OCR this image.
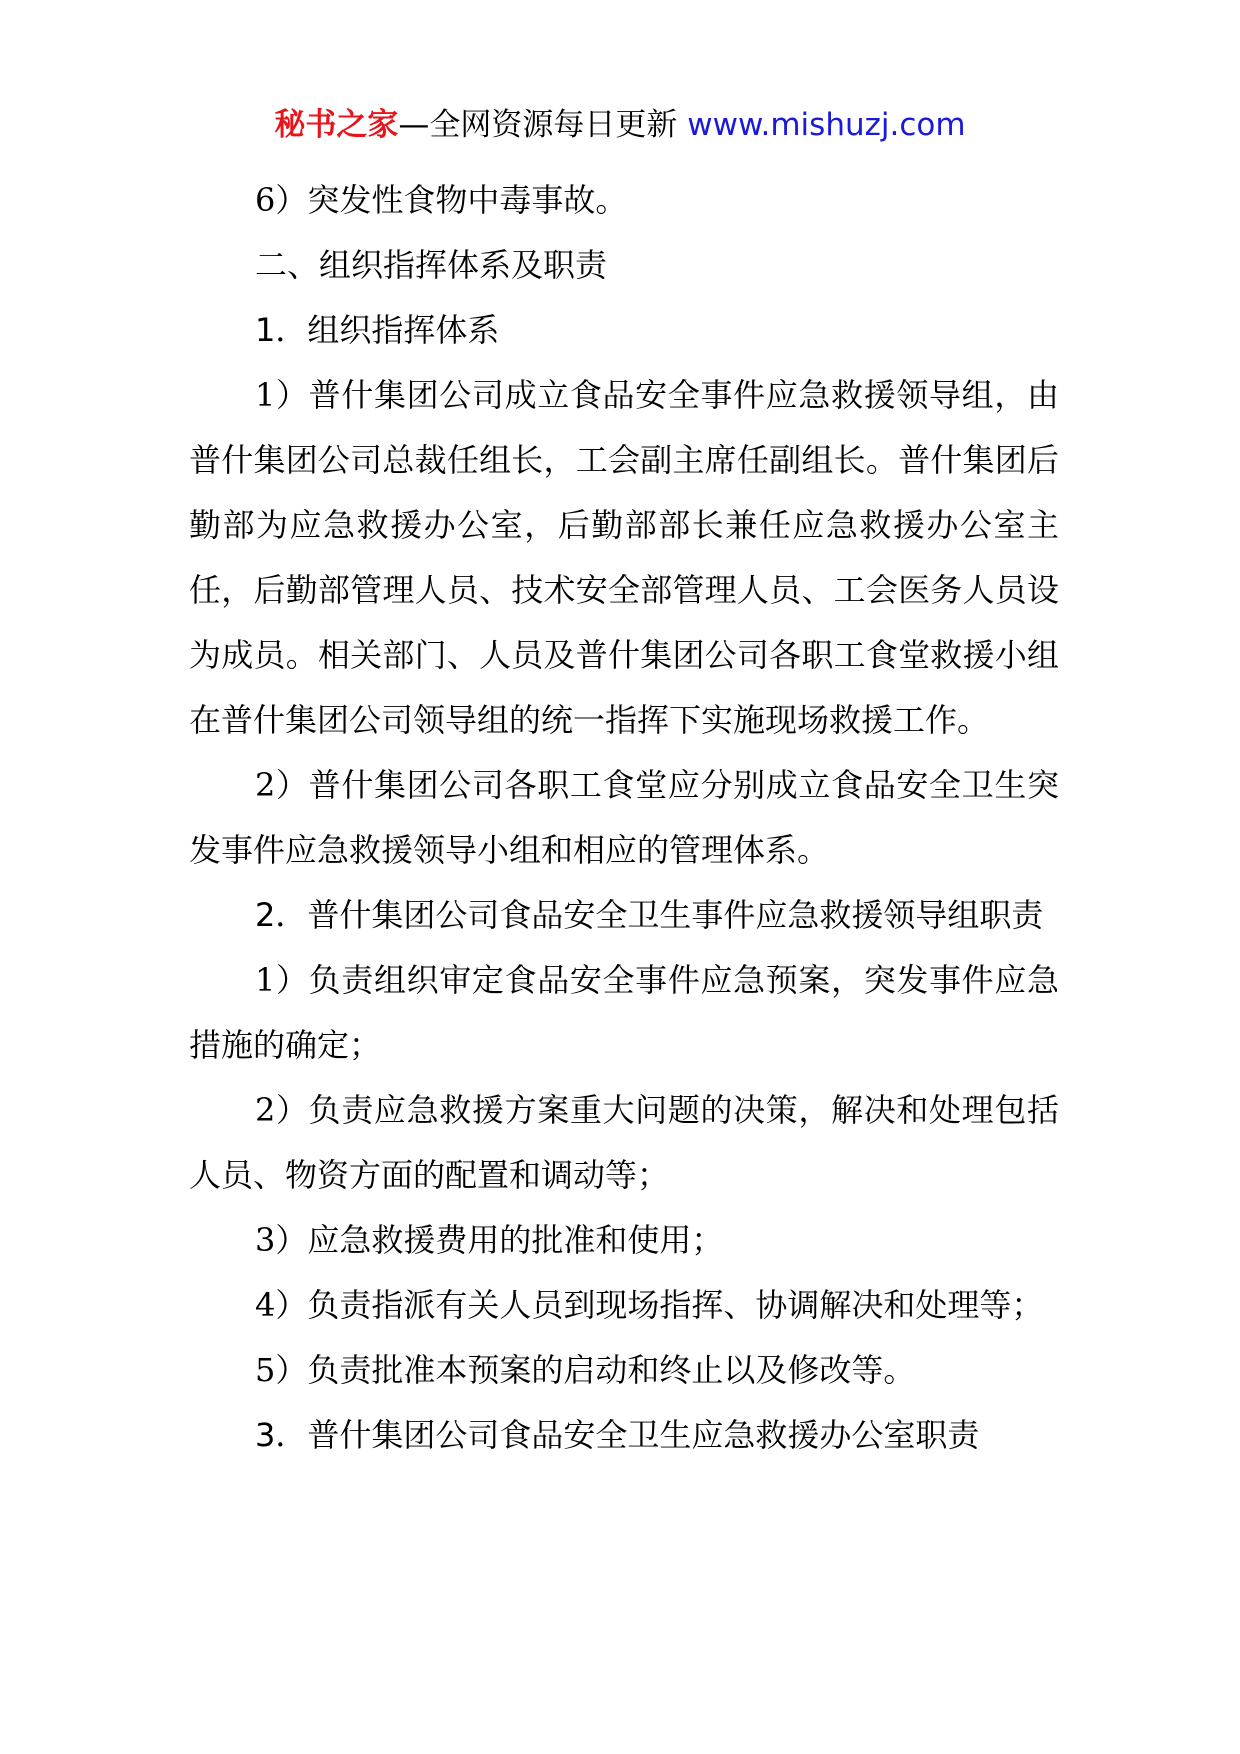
秘书之家—全网资源每日更新 www.mishuzj.com

6）突发性食物中毒事故。

二、组织指挥体系及职责

1．组织指挥体系

1）普什集团公司成立食品安全事件应急救援领导组，由普什集团公司总裁任组长，工会副主席任副组长。普什集团后勤部为应急救援办公室，后勤部部长兼任应急救援办公室主任，后勤部管理人员、技术安全部管理人员、工会医务人员设为成员。相关部门、人员及普什集团公司各职工食堂救援小组在普什集团公司领导组的统一指挥下实施现场救援工作。

2）普什集团公司各职工食堂应分别成立食品安全卫生突发事件应急救援领导小组和相应的管理体系。

2．普什集团公司食品安全卫生事件应急救援领导组职责

1）负责组织审定食品安全事件应急预案，突发事件应急措施的确定；

2）负责应急救援方案重大问题的决策，解决和处理包括人员、物资方面的配置和调动等；

3）应急救援费用的批准和使用；

4）负责指派有关人员到现场指挥、协调解决和处理等；

5）负责批准本预案的启动和终止以及修改等。

3．普什集团公司食品安全卫生应急救援办公室职责
